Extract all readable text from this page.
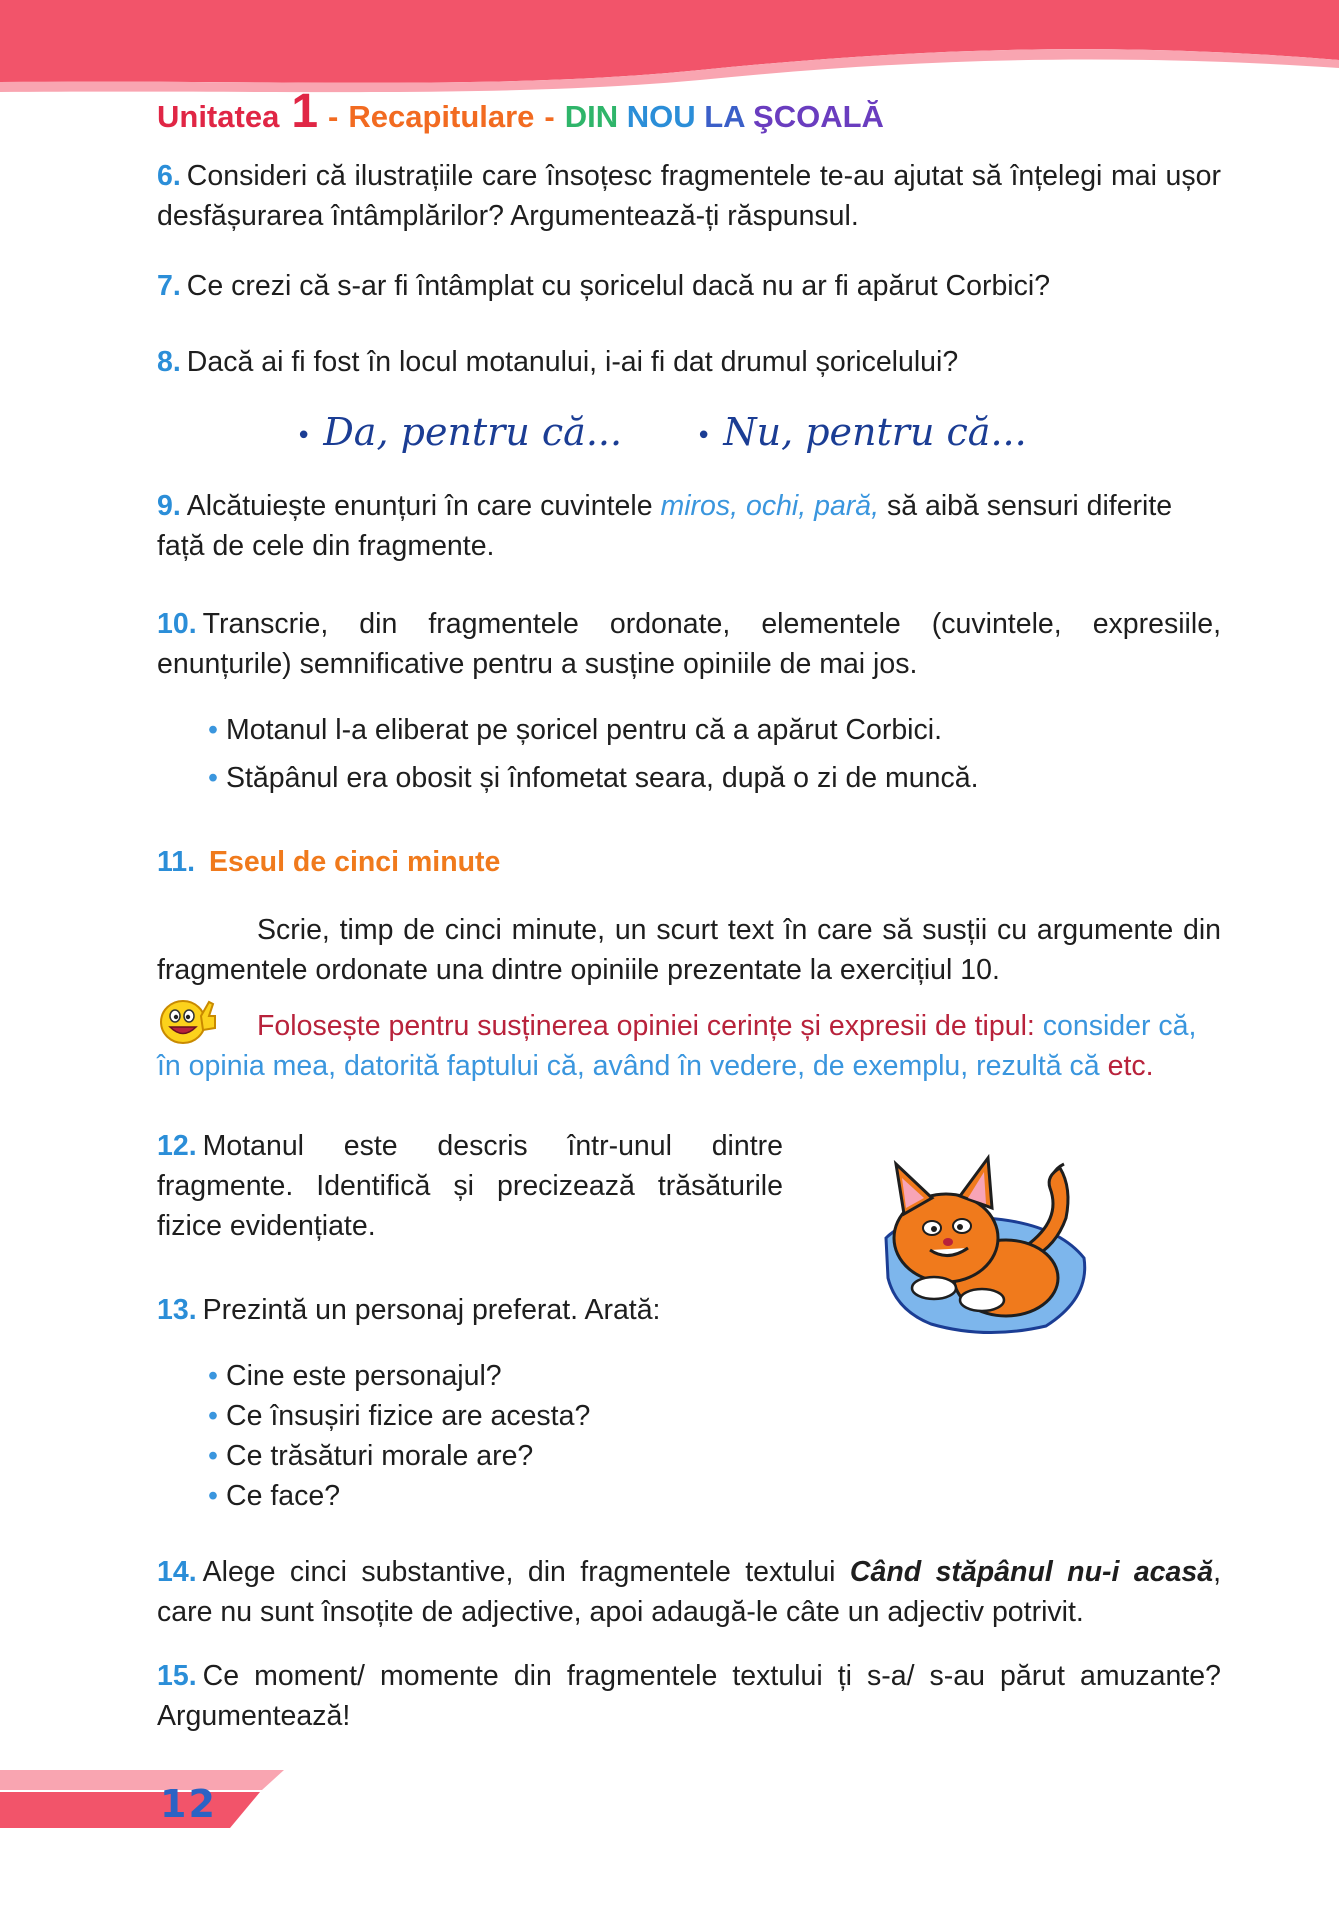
Unitatea 1 - Recapitulare - DIN NOU LA ŞCOALĂ
6. Consideri că ilustrațiile care însoțesc fragmentele te-au ajutat să înțelegi mai ușor desfășurarea întâmplărilor? Argumentează-ți răspunsul.
7. Ce crezi că s-ar fi întâmplat cu șoricelul dacă nu ar fi apărut Corbici?
8. Dacă ai fi fost în locul motanului, i-ai fi dat drumul șoricelului?
• Da, pentru că...	• Nu, pentru că...
9. Alcătuiește enunțuri în care cuvintele miros, ochi, pară, să aibă sensuri diferite față de cele din fragmente.
10. Transcrie, din fragmentele ordonate, elementele (cuvintele, expresiile, enunțurile) semnificative pentru a susține opiniile de mai jos.
• Motanul l-a eliberat pe șoricel pentru că a apărut Corbici.
• Stăpânul era obosit și înfometat seara, după o zi de muncă.
11. Eseul de cinci minute
Scrie, timp de cinci minute, un scurt text în care să susții cu argumente din fragmentele ordonate una dintre opiniile prezentate la exercițiul 10.
Folosește pentru susținerea opiniei cerințe și expresii de tipul: consider că, în opinia mea, datorită faptului că, având în vedere, de exemplu, rezultă că etc.
12. Motanul este descris într-unul dintre fragmente. Identifică și precizează trăsăturile fizice evidențiate.
13. Prezintă un personaj preferat. Arată:
• Cine este personajul?
• Ce însușiri fizice are acesta?
• Ce trăsături morale are?
• Ce face?
14. Alege cinci substantive, din fragmentele textului Când stăpânul nu-i acasă, care nu sunt însoțite de adjective, apoi adaugă-le câte un adjectiv potrivit.
15. Ce moment/ momente din fragmentele textului ți s-a/ s-au părut amuzante? Argumentează!
12
